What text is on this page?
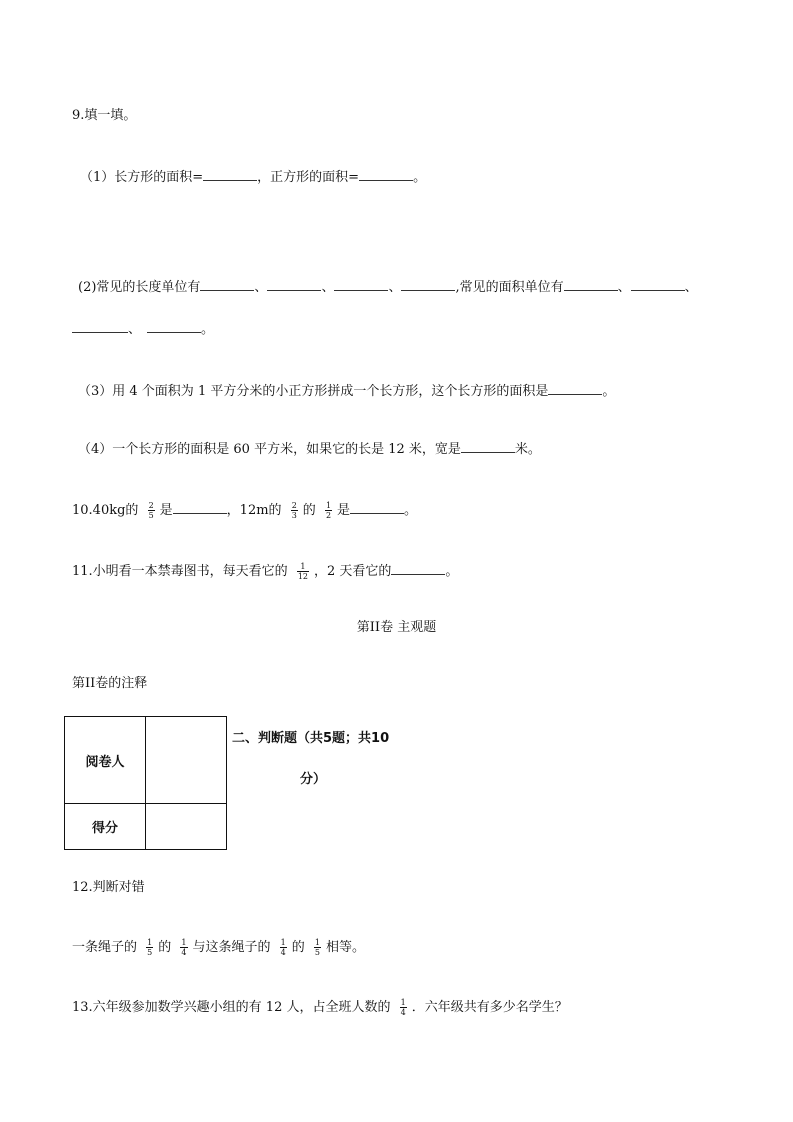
9.填一填。
（1）长方形的面积=	，正方形的面积=	。
(2)常见的长度单位有	、	、	、	,常见的面积单位有	、	、
、	。
（3）用 4 个面积为 1 平方分米的小正方形拼成一个长方形，这个长方形的面积是	。
（4）一个长方形的面积是 60 平方米，如果它的长是 12 米，宽是	米。
10.40kg的 $\frac{2}{5}$ 是	，12m的 $\frac{2}{3}$ 的 $\frac{1}{2}$ 是	。
11.小明看一本禁毒图书，每天看它的 $\frac{1}{12}$ ，2 天看它的	。
第II卷 主观题
第II卷的注释
阅卷人	
得分	
二、判断题（共5题；共10
分）
12.判断对错
一条绳子的 $\frac{1}{5}$ 的 $\frac{1}{4}$ 与这条绳子的 $\frac{1}{4}$ 的 $\frac{1}{5}$ 相等。
13.六年级参加数学兴趣小组的有 12 人，占全班人数的 $\frac{1}{4}$ ．六年级共有多少名学生？
